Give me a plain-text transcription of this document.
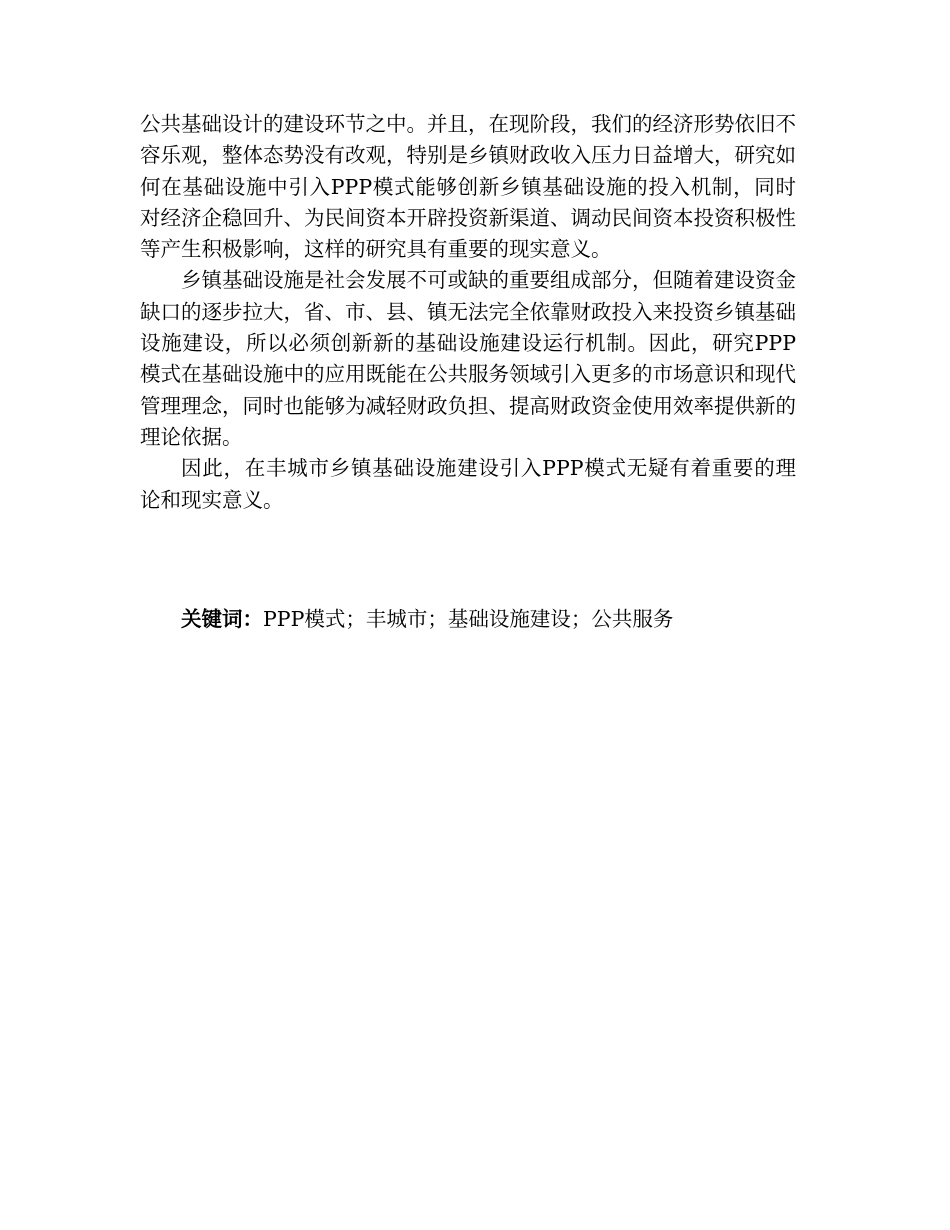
公共基础设计的建设环节之中。并且，在现阶段，我们的经济形势依旧不容乐观，整体态势没有改观，特别是乡镇财政收入压力日益增大，研究如何在基础设施中引入PPP模式能够创新乡镇基础设施的投入机制，同时对经济企稳回升、为民间资本开辟投资新渠道、调动民间资本投资积极性等产生积极影响，这样的研究具有重要的现实意义。

乡镇基础设施是社会发展不可或缺的重要组成部分，但随着建设资金缺口的逐步拉大，省、市、县、镇无法完全依靠财政投入来投资乡镇基础设施建设，所以必须创新新的基础设施建设运行机制。因此，研究PPP模式在基础设施中的应用既能在公共服务领域引入更多的市场意识和现代管理理念，同时也能够为减轻财政负担、提高财政资金使用效率提供新的理论依据。

因此，在丰城市乡镇基础设施建设引入PPP模式无疑有着重要的理论和现实意义。

关键词：PPP模式；丰城市；基础设施建设；公共服务
